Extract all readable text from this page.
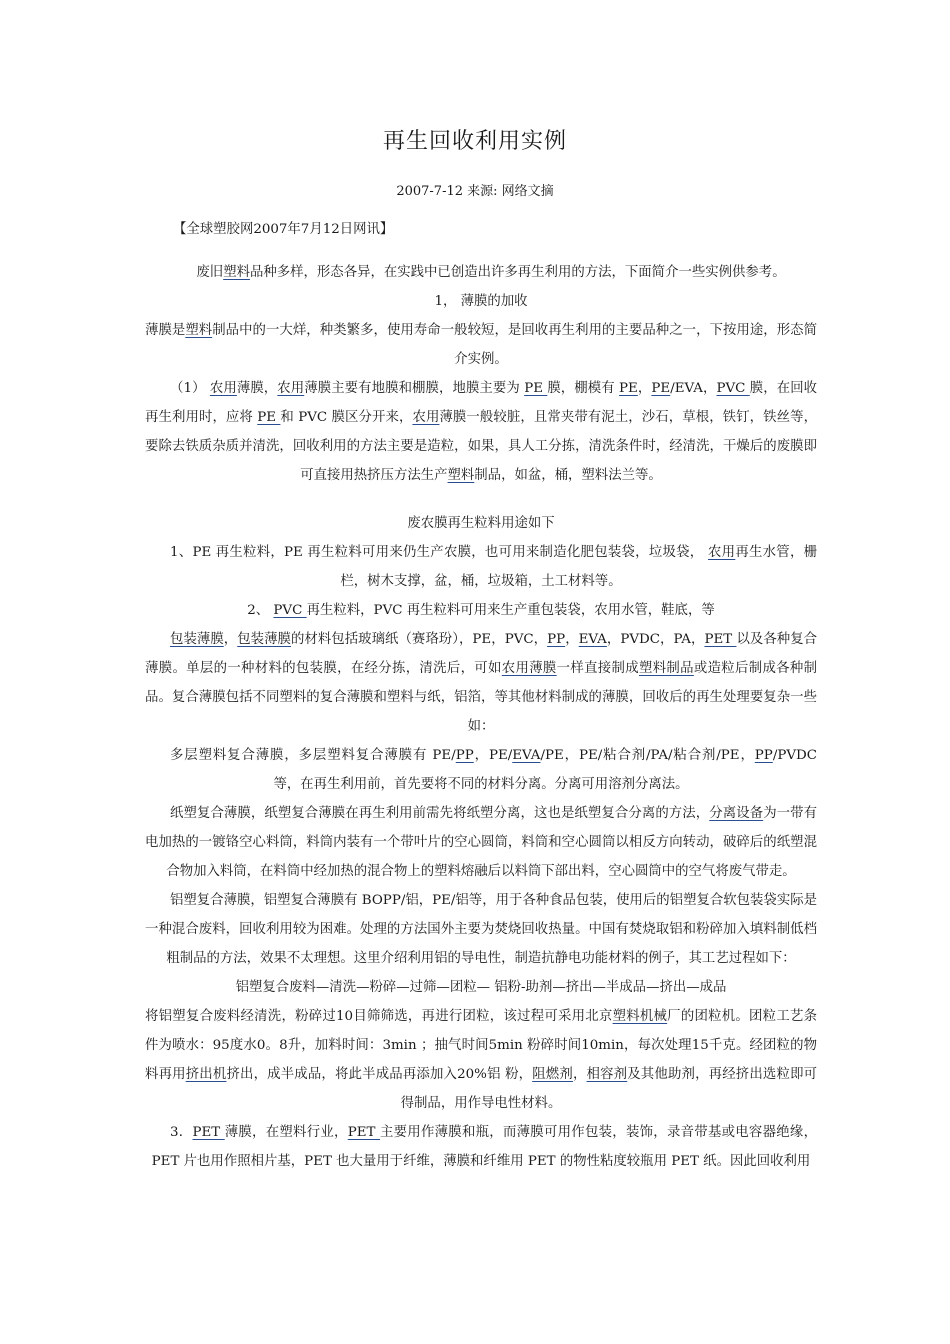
再生回收利用实例
2007-7-12 来源: 网络文摘

【全球塑胶网2007年7月12日网讯】

废旧塑料品种多样，形态各异，在实践中已创造出许多再生利用的方法，下面简介一些实例供参考。

1， 薄膜的加收

薄膜是塑料制品中的一大烊，种类繁多，使用寿命一般较短，是回收再生利用的主要品种之一，下按用途，形态简介实例。

（1） 农用薄膜，农用薄膜主要有地膜和棚膜，地膜主要为 PE 膜，棚模有 PE，PE/EVA，PVC 膜，在回收再生利用时，应将 PE 和 PVC 膜区分开来，农用薄膜一般较脏，且常夹带有泥土，沙石，草根，铁钉，铁丝等，要除去铁质杂质并清洗，回收利用的方法主要是造粒，如果，具人工分拣，清洗条件时，经清洗，干燥后的废膜即可直接用热挤压方法生产塑料制品，如盆，桶，塑料法兰等。

废农膜再生粒料用途如下

1、PE 再生粒料，PE 再生粒料可用来仍生产农膜，也可用来制造化肥包装袋，垃圾袋， 农用再生水管，栅栏，树木支撑，盆，桶，垃圾箱，土工材料等。

2、 PVC 再生粒料，PVC 再生粒料可用来生产重包装袋，农用水管，鞋底，等

包装薄膜，包装薄膜的材料包括玻璃纸（赛珞玢），PE，PVC，PP，EVA，PVDC，PA，PET 以及各种复合薄膜。单层的一种材料的包装膜，在经分拣，清洗后，可如农用薄膜一样直接制成塑料制品或造粒后制成各种制品。复合薄膜包括不同塑料的复合薄膜和塑料与纸，铝箔，等其他材料制成的薄膜，回收后的再生处理要复杂一些如：

多层塑料复合薄膜，多层塑料复合薄膜有 PE/PP，PE/EVA/PE，PE/粘合剂/PA/粘合剂/PE，PP/PVDC 等，在再生利用前，首先要将不同的材料分离。分离可用溶剂分离法。

纸塑复合薄膜，纸塑复合薄膜在再生利用前需先将纸塑分离，这也是纸塑复合分离的方法，分离设备为一带有电加热的一镀铬空心料筒，料筒内装有一个带叶片的空心圆筒，料筒和空心圆筒以相反方向转动，破碎后的纸塑混合物加入料筒，在料筒中经加热的混合物上的塑料熔融后以料筒下部出料，空心圆筒中的空气将废气带走。

铝塑复合薄膜，铝塑复合薄膜有 BOPP/铝，PE/铝等，用于各种食品包装，使用后的铝塑复合软包装袋实际是一种混合废料，回收利用较为困难。处理的方法国外主要为焚烧回收热量。中国有焚烧取铝和粉碎加入填料制低档粗制品的方法，效果不太理想。这里介绍利用铝的导电性，制造抗静电功能材料的例子，其工艺过程如下：

铝塑复合废料—清洗—粉碎—过筛—团粒— 铝粉-助剂—挤出—半成品—挤出—成品

将铝塑复合废料经清洗，粉碎过10目筛筛选，再进行团粒，该过程可采用北京塑料机械厂的团粒机。团粒工艺条件为喷水：95度水0。8升，加料时间：3min ；抽气时间5min 粉碎时间10min，每次处理15千克。经团粒的物料再用挤出机挤出，成半成品，将此半成品再添加入20%铝 粉，阻燃剂，相容剂及其他助剂，再经挤出选粒即可得制品，用作导电性材料。

3．PET 薄膜，在塑料行业，PET 主要用作薄膜和瓶，而薄膜可用作包装，装饰，录音带基或电容器绝缘，PET 片也用作照相片基，PET 也大量用于纤维，薄膜和纤维用 PET 的物性粘度较瓶用 PET 纸。因此回收利用
